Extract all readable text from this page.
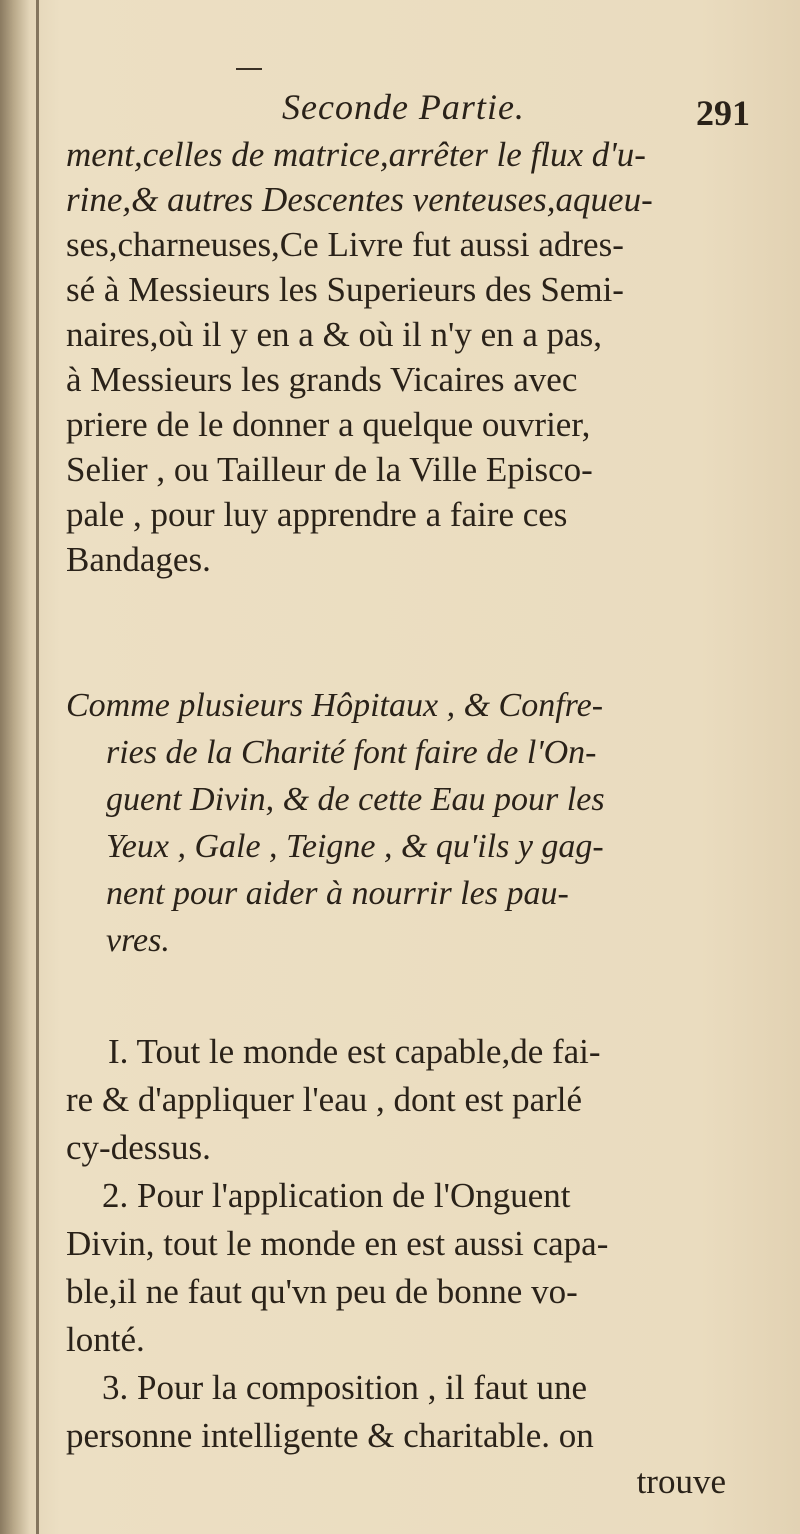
Seconde Partie.	291
ment,celles de matrice,arrêter le flux d'u-
rine,& autres Descentes venteuses,aqueu-
ses,charneuses,Ce Livre fut aussi adres-
sé à Messieurs les Superieurs des Semi-
naires,où il y en a & où il n'y en a pas,
à Messieurs les grands Vicaires avec
priere de le donner a quelque ouvrier,
Selier , ou Tailleur de la Ville Episco-
pale , pour luy apprendre a faire ces
Bandages.
Comme plusieurs Hôpitaux , & Confre-
ries de la Charité font faire de l'On-
guent Divin, & de cette Eau pour les
Yeux , Gale , Teigne , & qu'ils y gag-
nent pour aider à nourrir les pau-
vres.
I. Tout le monde est capable,de fai-
re & d'appliquer l'eau , dont est parlé
cy-dessus.
2. Pour l'application de l'Onguent
Divin, tout le monde en est aussi capa-
ble,il ne faut qu'vn peu de bonne vo-
lonté.
3. Pour la composition , il faut une
personne intelligente & charitable. on
trouve
